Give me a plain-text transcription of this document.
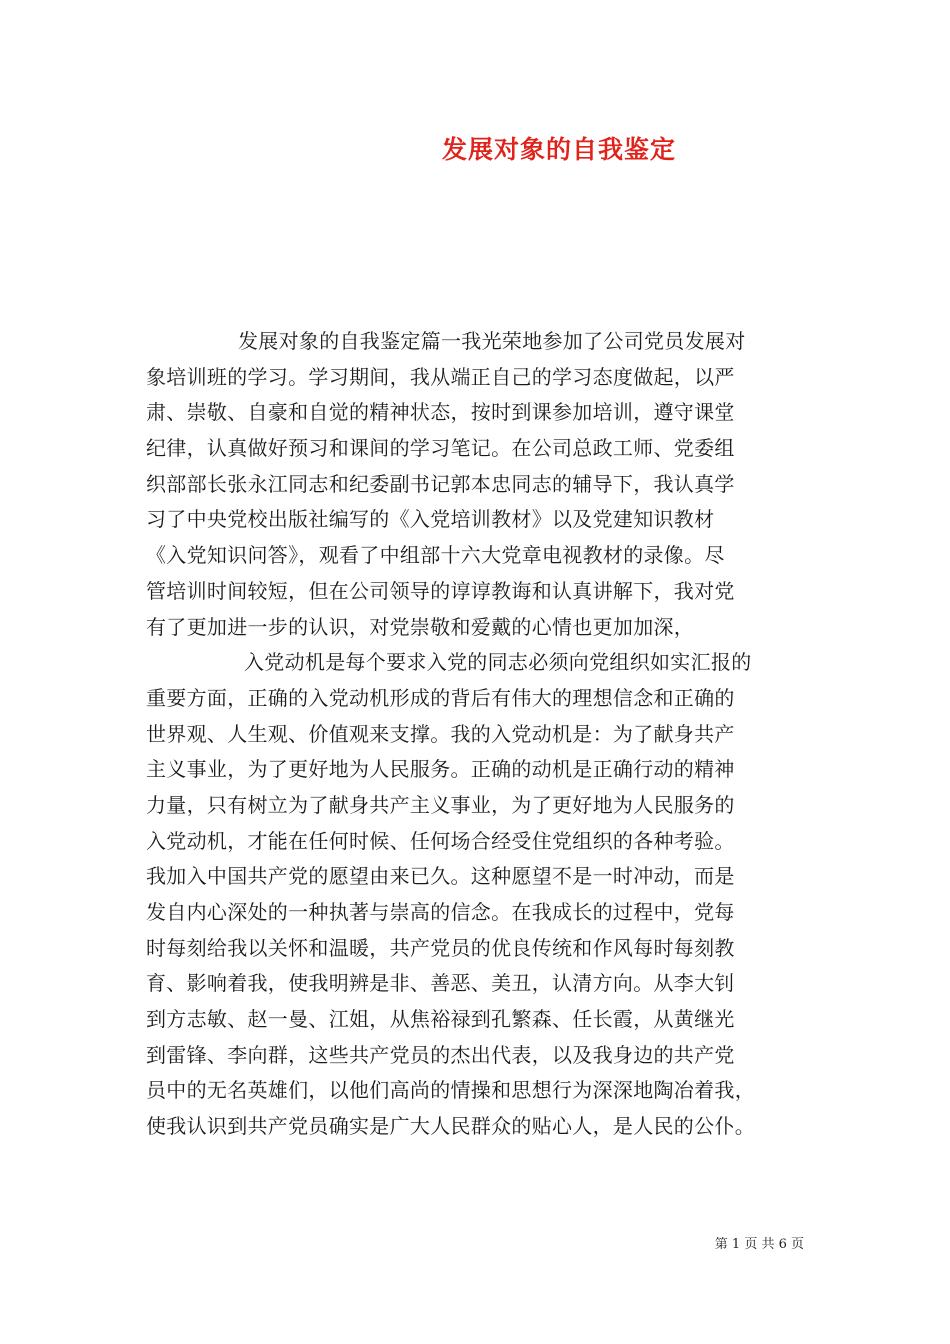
发展对象的自我鉴定
发展对象的自我鉴定篇一我光荣地参加了公司党员发展对
象培训班的学习。学习期间，我从端正自己的学习态度做起，以严
肃、崇敬、自豪和自觉的精神状态，按时到课参加培训，遵守课堂
纪律，认真做好预习和课间的学习笔记。在公司总政工师、党委组
织部部长张永江同志和纪委副书记郭本忠同志的辅导下，我认真学
习了中央党校出版社编写的《入党培训教材》以及党建知识教材
《入党知识问答》，观看了中组部十六大党章电视教材的录像。尽
管培训时间较短，但在公司领导的谆谆教诲和认真讲解下，我对党
有了更加进一步的认识，对党崇敬和爱戴的心情也更加加深，
入党动机是每个要求入党的同志必须向党组织如实汇报的
重要方面，正确的入党动机形成的背后有伟大的理想信念和正确的
世界观、人生观、价值观来支撑。我的入党动机是：为了献身共产
主义事业，为了更好地为人民服务。正确的动机是正确行动的精神
力量，只有树立为了献身共产主义事业，为了更好地为人民服务的
入党动机，才能在任何时候、任何场合经受住党组织的各种考验。
我加入中国共产党的愿望由来已久。这种愿望不是一时冲动，而是
发自内心深处的一种执著与崇高的信念。在我成长的过程中，党每
时每刻给我以关怀和温暖，共产党员的优良传统和作风每时每刻教
育、影响着我，使我明辨是非、善恶、美丑，认清方向。从李大钊
到方志敏、赵一曼、江姐，从焦裕禄到孔繁森、任长霞，从黄继光
到雷锋、李向群，这些共产党员的杰出代表，以及我身边的共产党
员中的无名英雄们，以他们高尚的情操和思想行为深深地陶冶着我，
使我认识到共产党员确实是广大人民群众的贴心人，是人民的公仆。
第 1 页 共 6 页
